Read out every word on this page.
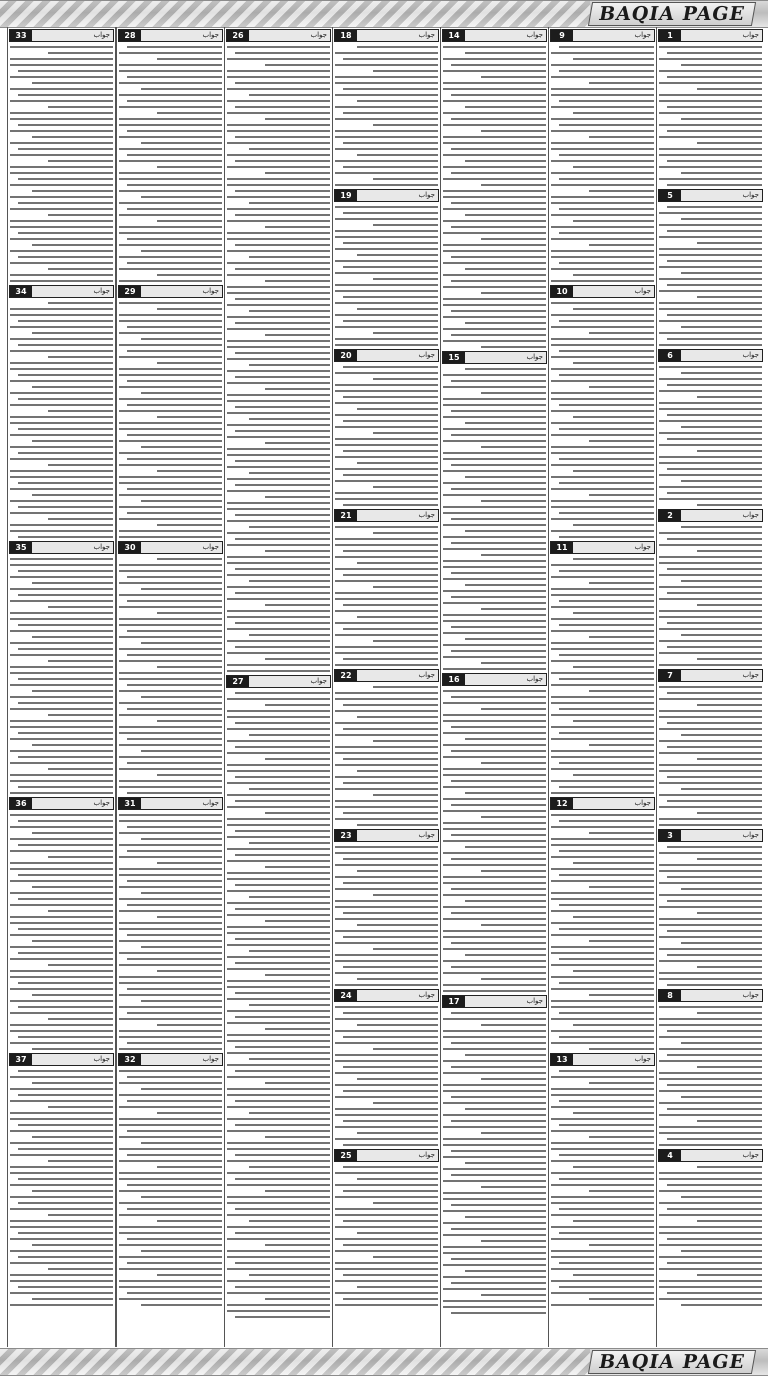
BAQIA PAGE
1	جواب
5	جواب
6	جواب
2	جواب
7	جواب
3	جواب
8	جواب
4	جواب
9	جواب
10	جواب
11	جواب
12	جواب
13	جواب
14	جواب
15	جواب
16	جواب
17	جواب
18	جواب
19	جواب
20	جواب
21	جواب
22	جواب
23	جواب
24	جواب
25	جواب
26	جواب
27	جواب
28	جواب
29	جواب
30	جواب
31	جواب
32	جواب
33	جواب
34	جواب
35	جواب
36	جواب
37	جواب
BAQIA PAGE
